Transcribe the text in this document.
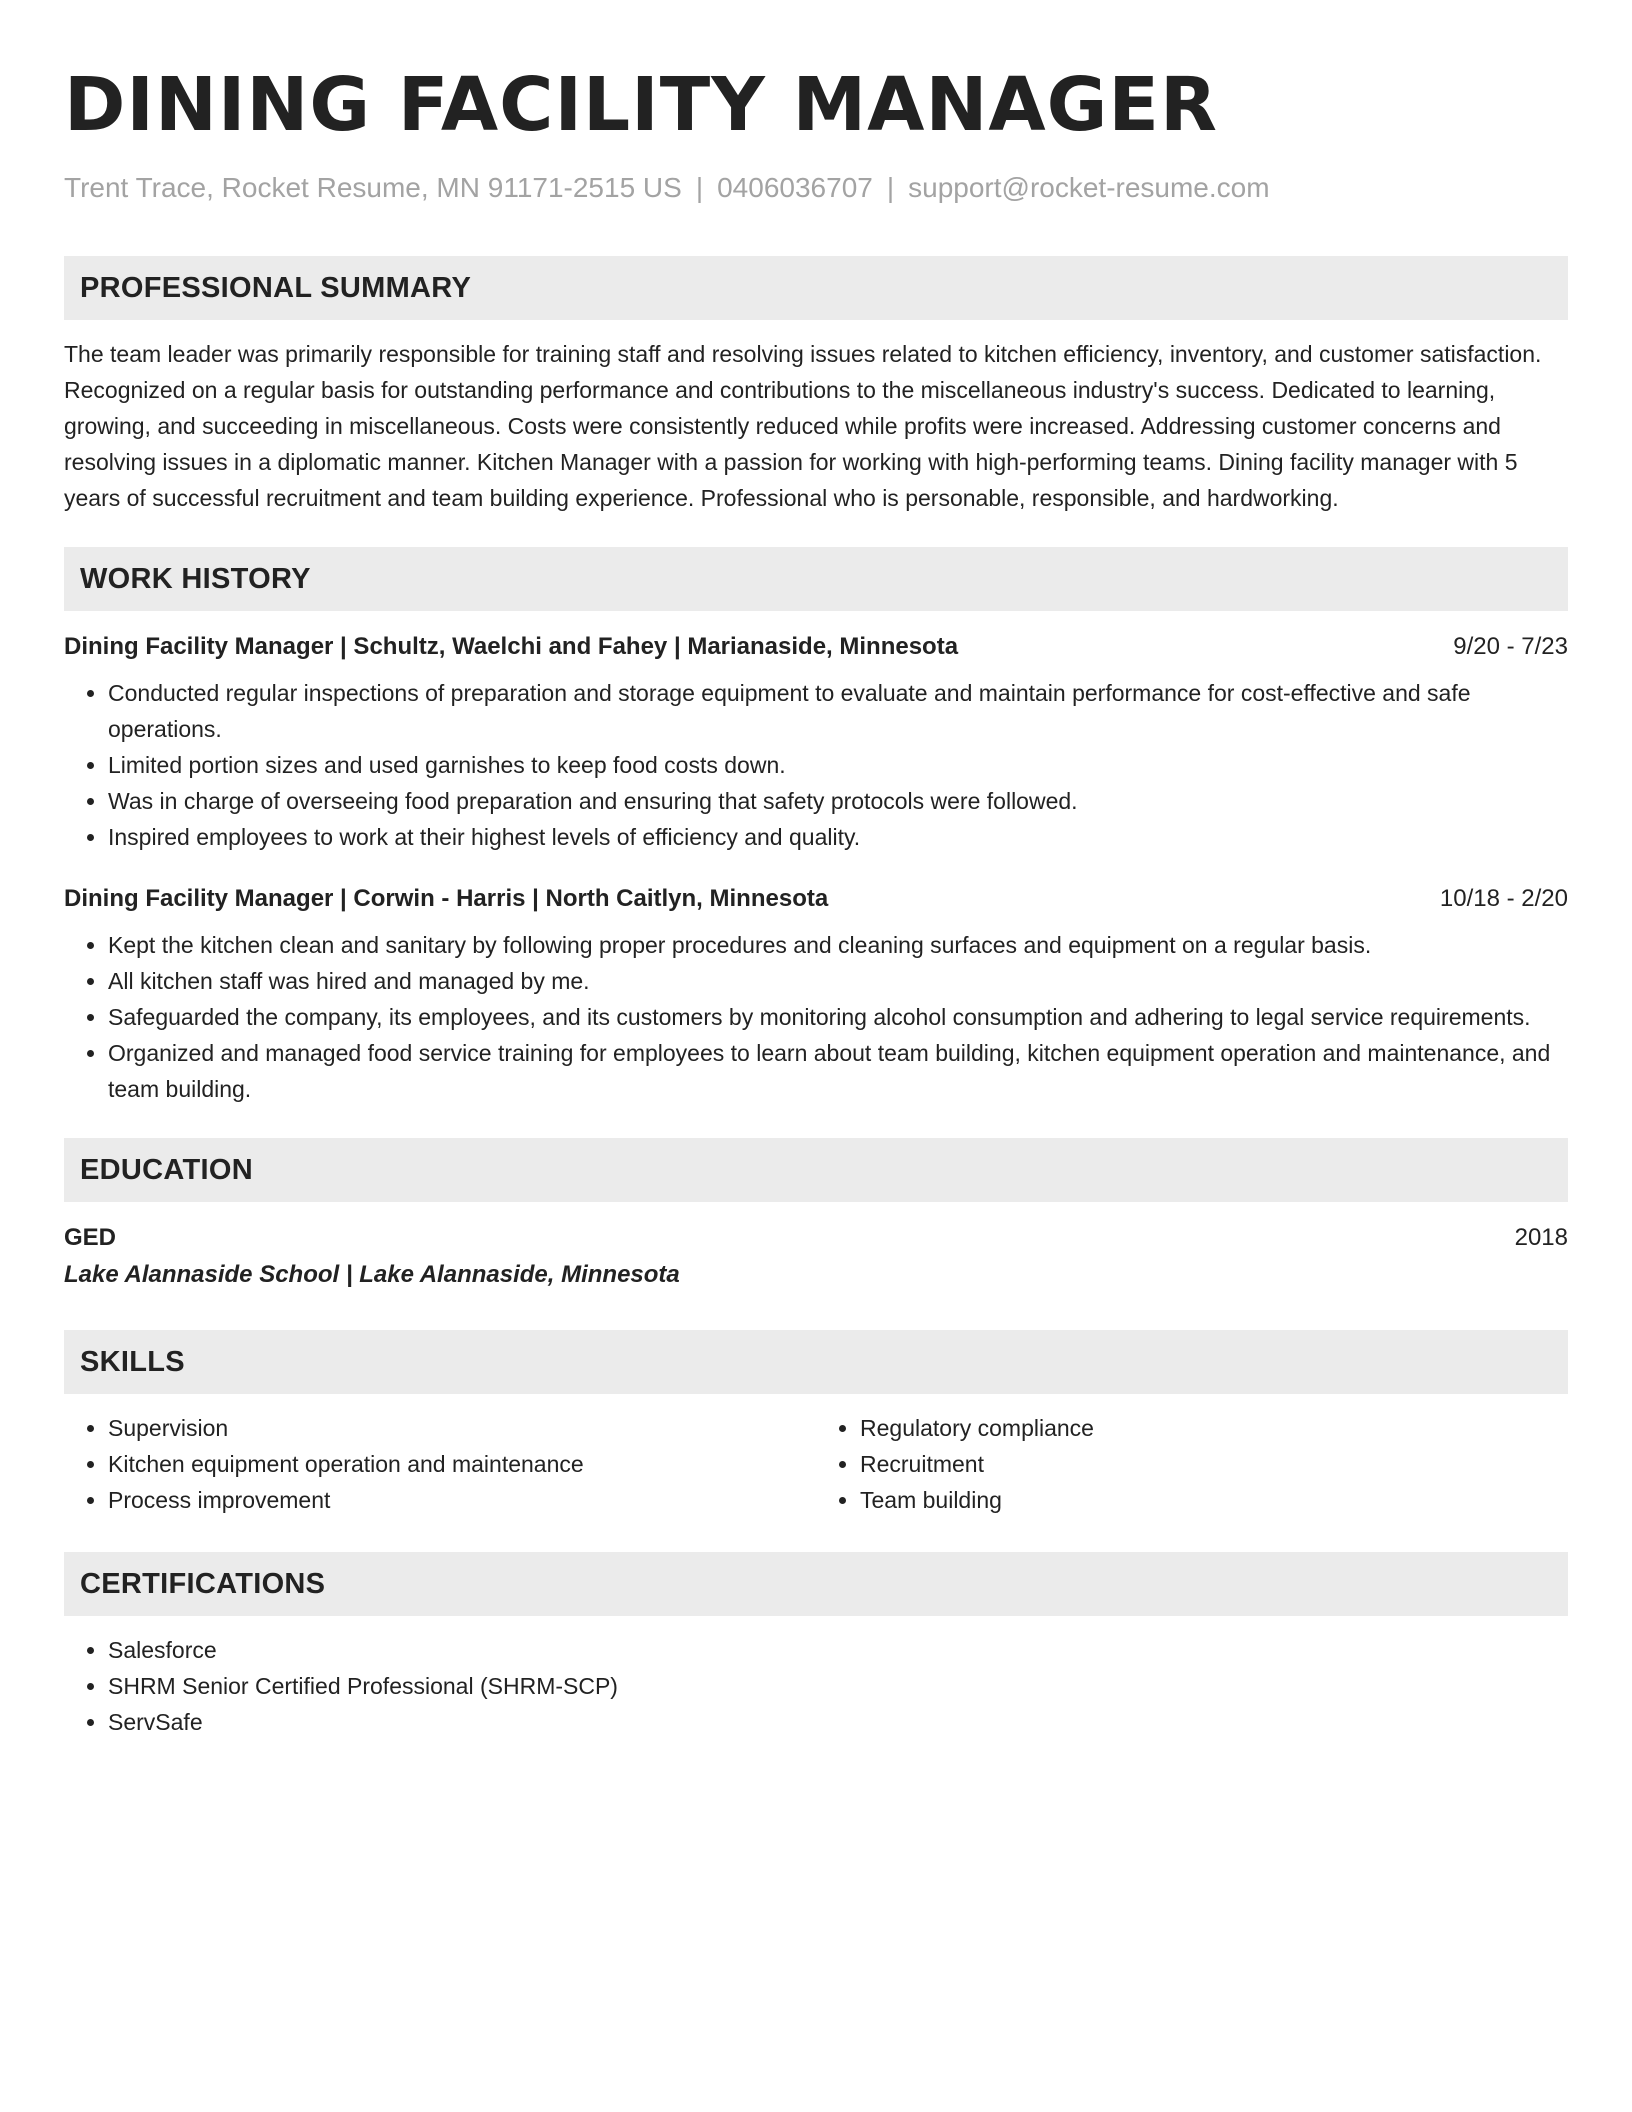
DINING FACILITY MANAGER
Trent Trace, Rocket Resume, MN 91171-2515 US | 0406036707 | support@rocket-resume.com
PROFESSIONAL SUMMARY

The team leader was primarily responsible for training staff and resolving issues related to kitchen efficiency, inventory, and customer satisfaction. Recognized on a regular basis for outstanding performance and contributions to the miscellaneous industry's success. Dedicated to learning, growing, and succeeding in miscellaneous. Costs were consistently reduced while profits were increased. Addressing customer concerns and resolving issues in a diplomatic manner. Kitchen Manager with a passion for working with high-performing teams. Dining facility manager with 5 years of successful recruitment and team building experience. Professional who is personable, responsible, and hardworking.

WORK HISTORY
Dining Facility Manager | Schultz, Waelchi and Fahey | Marianaside, Minnesota	9/20 - 7/23
• Conducted regular inspections of preparation and storage equipment to evaluate and maintain performance for cost-effective and safe operations.
• Limited portion sizes and used garnishes to keep food costs down.
• Was in charge of overseeing food preparation and ensuring that safety protocols were followed.
• Inspired employees to work at their highest levels of efficiency and quality.
Dining Facility Manager | Corwin - Harris | North Caitlyn, Minnesota	10/18 - 2/20
• Kept the kitchen clean and sanitary by following proper procedures and cleaning surfaces and equipment on a regular basis.
• All kitchen staff was hired and managed by me.
• Safeguarded the company, its employees, and its customers by monitoring alcohol consumption and adhering to legal service requirements.
• Organized and managed food service training for employees to learn about team building, kitchen equipment operation and maintenance, and team building.
EDUCATION
GED	2018
Lake Alannaside School | Lake Alannaside, Minnesota
SKILLS
• Supervision
• Kitchen equipment operation and maintenance
• Process improvement
• Regulatory compliance
• Recruitment
• Team building
CERTIFICATIONS
• Salesforce
• SHRM Senior Certified Professional (SHRM-SCP)
• ServSafe
